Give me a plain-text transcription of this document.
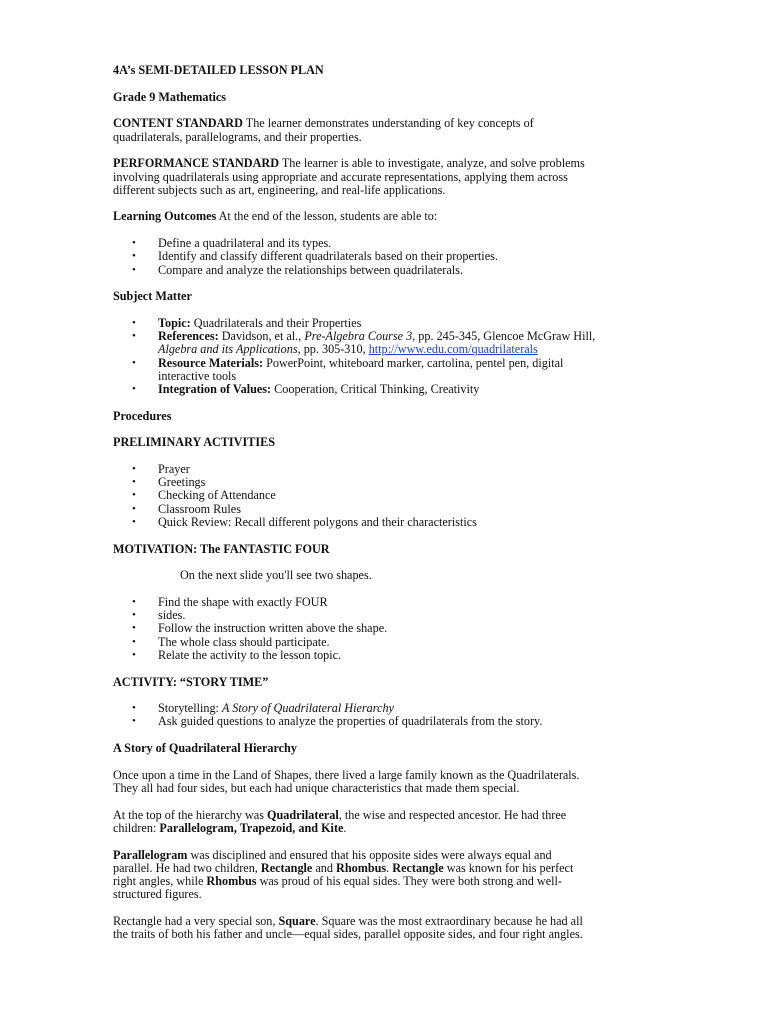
4A’s SEMI-DETAILED LESSON PLAN

Grade 9 Mathematics

CONTENT STANDARD The learner demonstrates understanding of key concepts of
quadrilaterals, parallelograms, and their properties.

PERFORMANCE STANDARD The learner is able to investigate, analyze, and solve problems
involving quadrilaterals using appropriate and accurate representations, applying them across
different subjects such as art, engineering, and real-life applications.

Learning Outcomes At the end of the lesson, students are able to:

• Define a quadrilateral and its types.
• Identify and classify different quadrilaterals based on their properties.
• Compare and analyze the relationships between quadrilaterals.

Subject Matter

• Topic: Quadrilaterals and their Properties
• References: Davidson, et al., Pre-Algebra Course 3, pp. 245-345, Glencoe McGraw Hill,
Algebra and its Applications, pp. 305-310, http://www.edu.com/quadrilaterals
• Resource Materials: PowerPoint, whiteboard marker, cartolina, pentel pen, digital
interactive tools
• Integration of Values: Cooperation, Critical Thinking, Creativity

Procedures

PRELIMINARY ACTIVITIES

• Prayer
• Greetings
• Checking of Attendance
• Classroom Rules
• Quick Review: Recall different polygons and their characteristics

MOTIVATION: The FANTASTIC FOUR

On the next slide you'll see two shapes.

• Find the shape with exactly FOUR
• sides.
• Follow the instruction written above the shape.
• The whole class should participate.
• Relate the activity to the lesson topic.

ACTIVITY: “STORY TIME”

• Storytelling: A Story of Quadrilateral Hierarchy
• Ask guided questions to analyze the properties of quadrilaterals from the story.

A Story of Quadrilateral Hierarchy

Once upon a time in the Land of Shapes, there lived a large family known as the Quadrilaterals.
They all had four sides, but each had unique characteristics that made them special.

At the top of the hierarchy was Quadrilateral, the wise and respected ancestor. He had three
children: Parallelogram, Trapezoid, and Kite.

Parallelogram was disciplined and ensured that his opposite sides were always equal and
parallel. He had two children, Rectangle and Rhombus. Rectangle was known for his perfect
right angles, while Rhombus was proud of his equal sides. They were both strong and well-
structured figures.

Rectangle had a very special son, Square. Square was the most extraordinary because he had all
the traits of both his father and uncle—equal sides, parallel opposite sides, and four right angles.
